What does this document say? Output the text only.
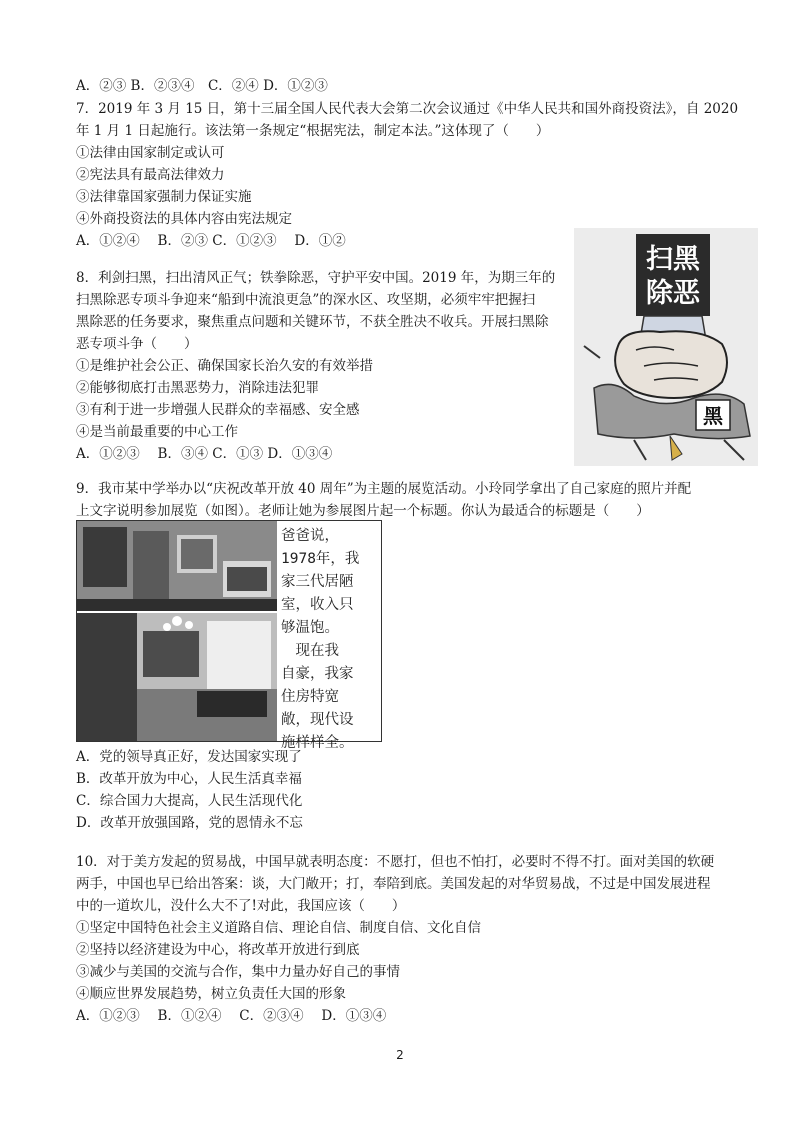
A．②③ B．②③④　C．②④ D．①②③
7．2019 年 3 月 15 日，第十三届全国人民代表大会第二次会议通过《中华人民共和国外商投资法》，自 2020
年 1 月 1 日起施行。该法第一条规定“根据宪法，制定本法。”这体现了（　　）
①法律由国家制定或认可
②宪法具有最高法律效力
③法律靠国家强制力保证实施
④外商投资法的具体内容由宪法规定
A．①②④　 B．②③ C．①②③　 D．①②
8．利剑扫黑，扫出清风正气；铁拳除恶，守护平安中国。2019 年，为期三年的
扫黑除恶专项斗争迎来“船到中流浪更急”的深水区、攻坚期，必须牢牢把握扫
黑除恶的任务要求，聚焦重点问题和关键环节，不获全胜决不收兵。开展扫黑除
恶专项斗争（　　）
①是维护社会公正、确保国家长治久安的有效举措
②能够彻底打击黑恶势力，消除违法犯罪
③有利于进一步增强人民群众的幸福感、安全感
④是当前最重要的中心工作
A．①②③　 B．③④ C．①③ D．①③④
扫黑
除恶
黑
9．我市某中学举办以“庆祝改革开放 40 周年”为主题的展览活动。小玲同学拿出了自己家庭的照片并配
上文字说明参加展览（如图）。老师让她为参展图片起一个标题。你认为最适合的标题是（　　）
爸爸说，
1978年，我
家三代居陋
室，收入只
够温饱。
　现在我
自豪，我家
住房特宽
敞，现代设
施样样全。
A．党的领导真正好，发达国家实现了
B．改革开放为中心，人民生活真幸福
C．综合国力大提高，人民生活现代化
D．改革开放强国路，党的恩情永不忘
10．对于美方发起的贸易战，中国早就表明态度：不愿打，但也不怕打，必要时不得不打。面对美国的软硬
两手，中国也早已给出答案：谈，大门敞开；打，奉陪到底。美国发起的对华贸易战，不过是中国发展进程
中的一道坎儿，没什么大不了!对此，我国应该（　　）
①坚定中国特色社会主义道路自信、理论自信、制度自信、文化自信
②坚持以经济建设为中心，将改革开放进行到底
③减少与美国的交流与合作，集中力量办好自己的事情
④顺应世界发展趋势，树立负责任大国的形象
A．①②③　 B．①②④　 C．②③④　 D．①③④
2
